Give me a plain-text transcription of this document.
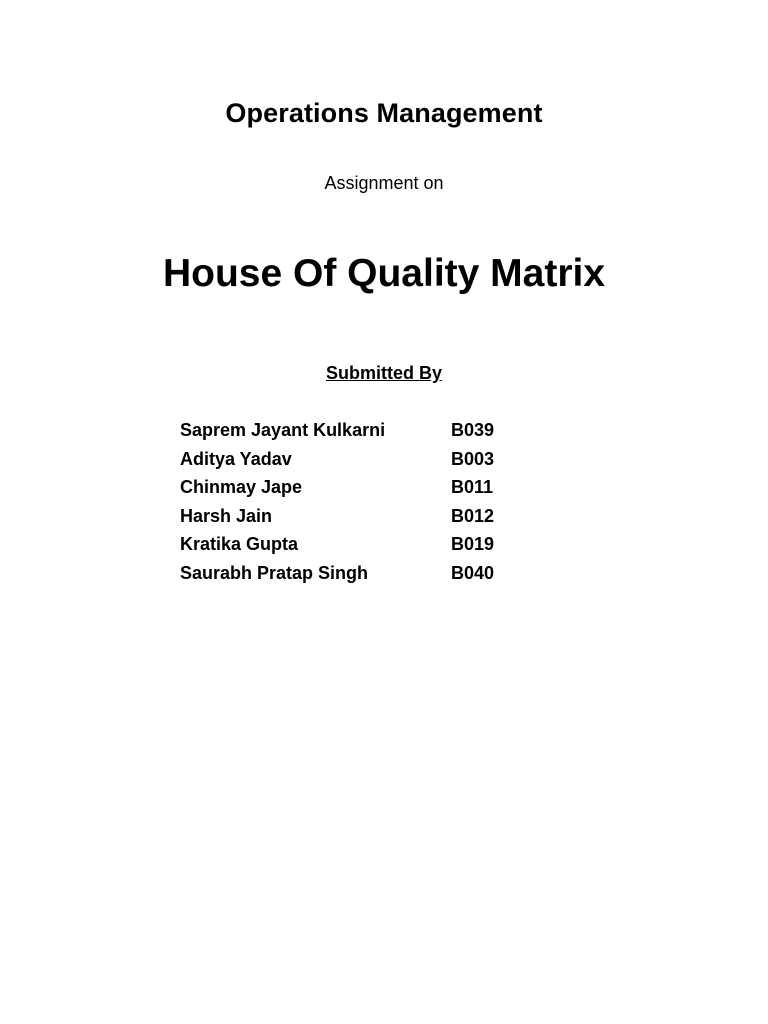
Operations Management
Assignment on
House Of Quality Matrix
Submitted By
Saprem Jayant Kulkarni	B039
Aditya Yadav	B003
Chinmay Jape	B011
Harsh Jain	B012
Kratika Gupta	B019
Saurabh Pratap Singh	B040
